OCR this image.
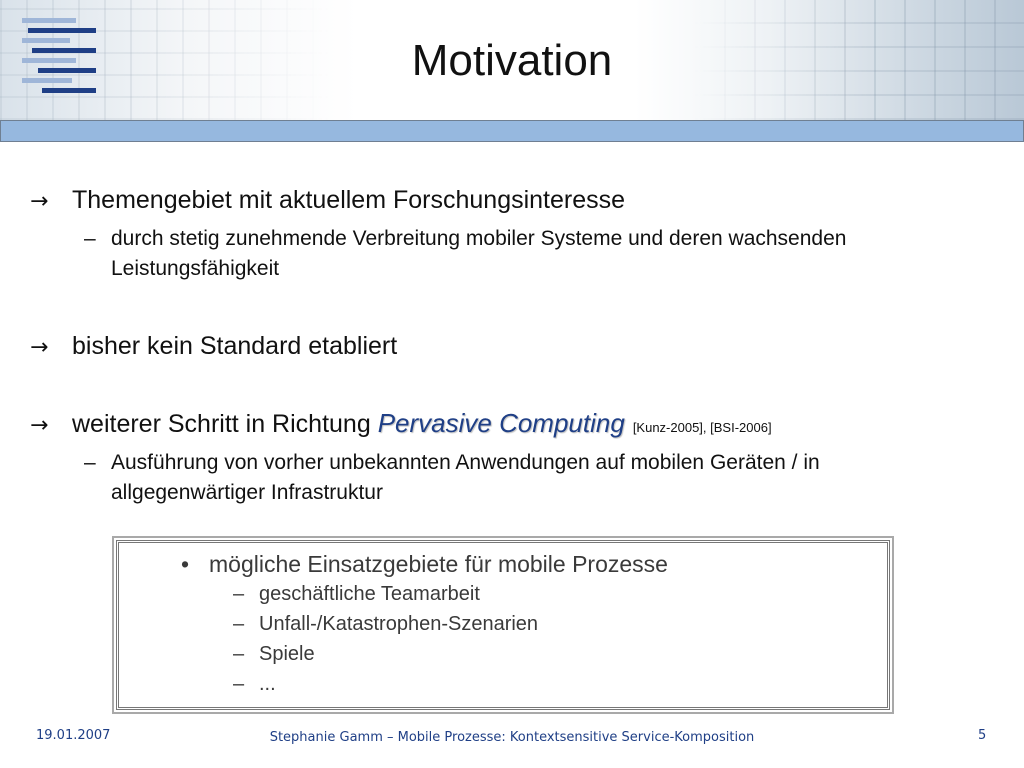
Motivation
→ Themengebiet mit aktuellem Forschungsinteresse
– durch stetig zunehmende Verbreitung mobiler Systeme und deren wachsenden Leistungsfähigkeit
→ bisher kein Standard etabliert
→ weiterer Schritt in Richtung Pervasive Computing [Kunz-2005], [BSI-2006]
– Ausführung von vorher unbekannten Anwendungen auf mobilen Geräten / in allgegenwärtiger Infrastruktur
• mögliche Einsatzgebiete für mobile Prozesse
– geschäftliche Teamarbeit
– Unfall-/Katastrophen-Szenarien
– Spiele
– ...
19.01.2007	Stephanie Gamm – Mobile Prozesse: Kontextsensitive Service-Komposition	5
